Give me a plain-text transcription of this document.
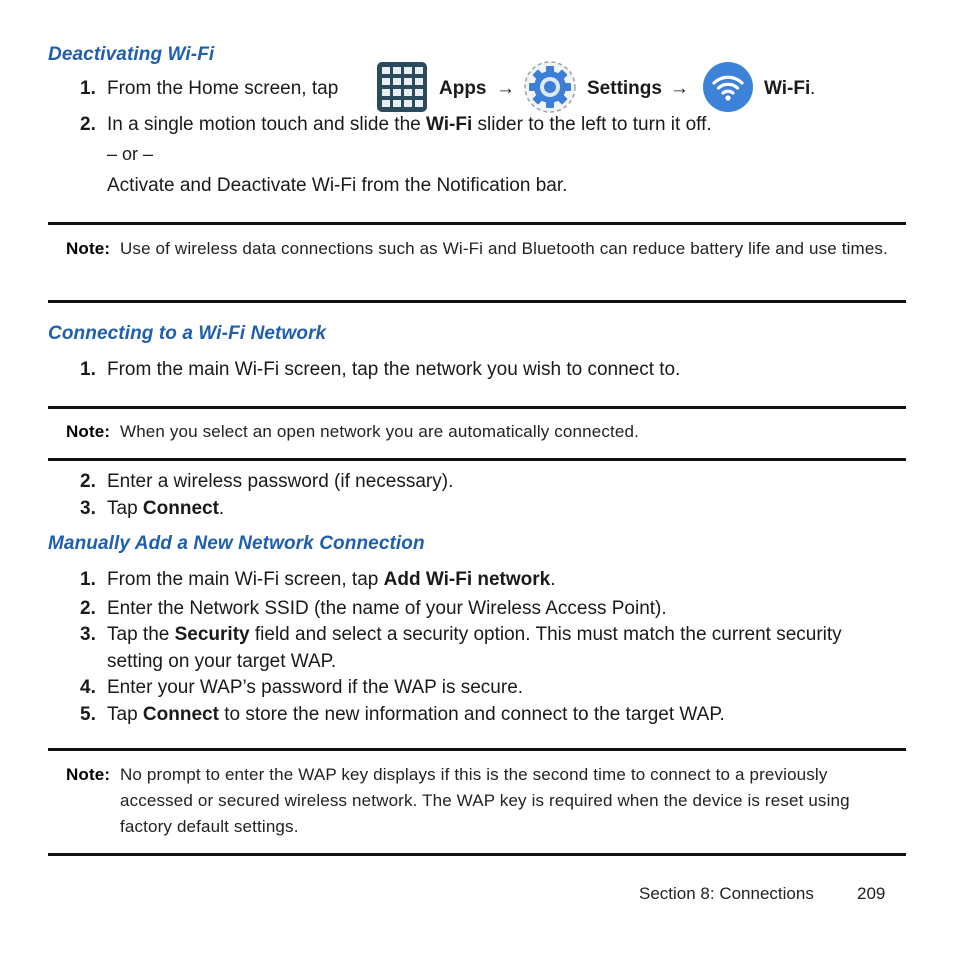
Deactivating Wi-Fi
1. From the Home screen, tap	Apps →	Settings →	Wi-Fi .
2. In a single motion touch and slide the Wi-Fi slider to the left to turn it off.
– or –
Activate and Deactivate Wi-Fi from the Notification bar.
Note: Use of wireless data connections such as Wi-Fi and Bluetooth can reduce battery life and use times.
Connecting to a Wi-Fi Network
1. From the main Wi-Fi screen, tap the network you wish to connect to.
Note: When you select an open network you are automatically connected.
2. Enter a wireless password (if necessary).
3. Tap Connect.
Manually Add a New Network Connection
1. From the main Wi-Fi screen, tap Add Wi-Fi network.
2. Enter the Network SSID (the name of your Wireless Access Point).
3. Tap the Security field and select a security option. This must match the current security setting on your target WAP.
4. Enter your WAP’s password if the WAP is secure.
5. Tap Connect to store the new information and connect to the target WAP.
Note: No prompt to enter the WAP key displays if this is the second time to connect to a previously accessed or secured wireless network. The WAP key is required when the device is reset using factory default settings.
Section 8: Connections	209
